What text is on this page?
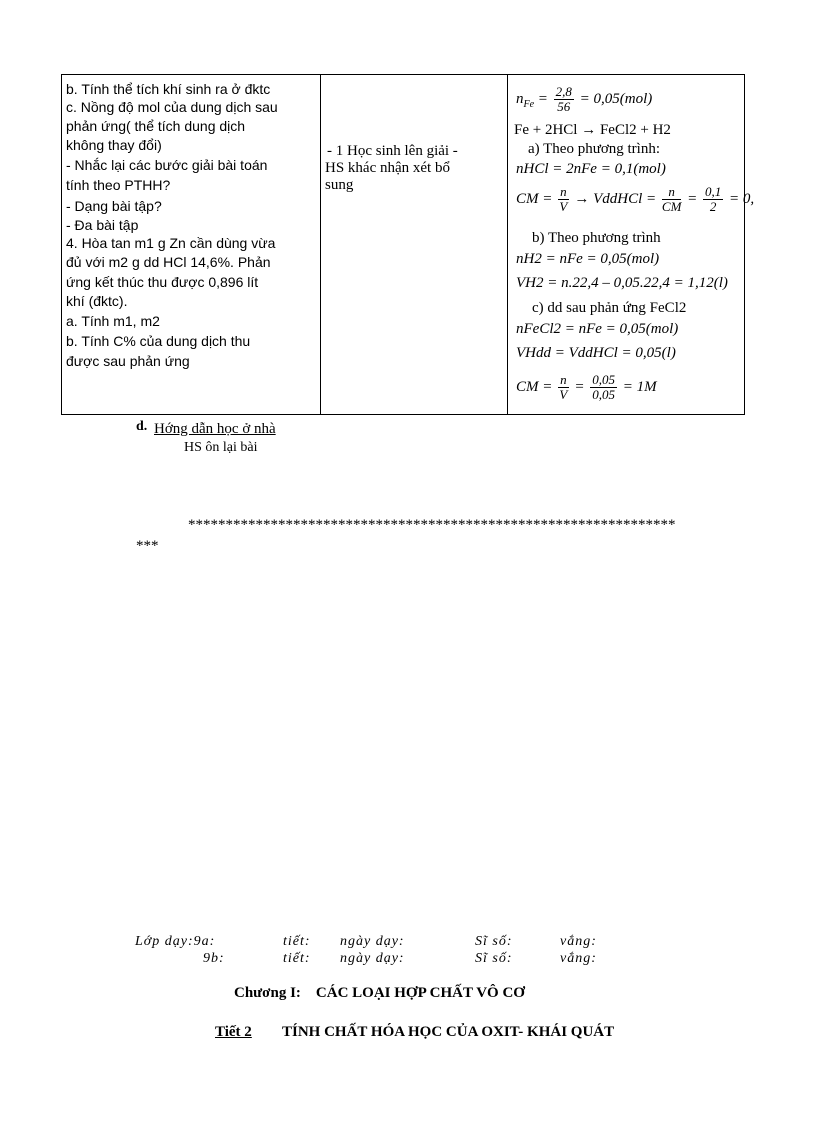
b. Tính thể tích khí sinh ra ở đktc
c. Nồng độ mol của dung dịch sau
phản ứng( thể tích dung dịch
không thay đổi)
- Nhắc lại các bước giải bài toán
tính theo PTHH?
- Dạng bài tập?
- Đa bài tập
4. Hòa tan m1 g Zn cần dùng vừa
đủ với m2 g dd HCl 14,6%. Phản
ứng kết thúc thu được 0,896 lít
khí (đktc).
a. Tính m1, m2
b. Tính C% của dung dịch thu
được sau phản ứng

- 1 Học sinh lên giải -
HS khác nhận xét bổ
sung

$n_{Fe} = \frac{2,8}{56} = 0,05(mol)$
Fe + 2HCl → FeCl2 + H2
a) Theo phương trình:
nHCl = 2nFe = 0,1(mol)
CM = $\frac{n}{V}$ → VddHCl = $\frac{n}{CM} = \frac{0,1}{2} = 0$,
b) Theo phương trình
nH2 = nFe = 0,05(mol)
VH2 = n.22,4 – 0,05.22,4 = 1,12(l)
c) dd sau phản ứng FeCl2
nFeCl2 = nFe = 0,05(mol)
VHdd = VddHCl = 0,05(l)
CM = $\frac{n}{V} = \frac{0,05}{0,05} = 1M$
d. Hớng dẫn học ở nhà
HS ôn lại bài
*****************************************************************
***
Lớp dạy:9a:	tiết: ngày dạy:	Sĩ số:	vắng:
9b:	tiết: ngày dạy:	Sĩ số:	vắng:
Chương I:    CÁC LOẠI HỢP CHẤT VÔ CƠ
Tiết 2 TÍNH CHẤT HÓA HỌC CỦA OXIT- KHÁI QUÁT
